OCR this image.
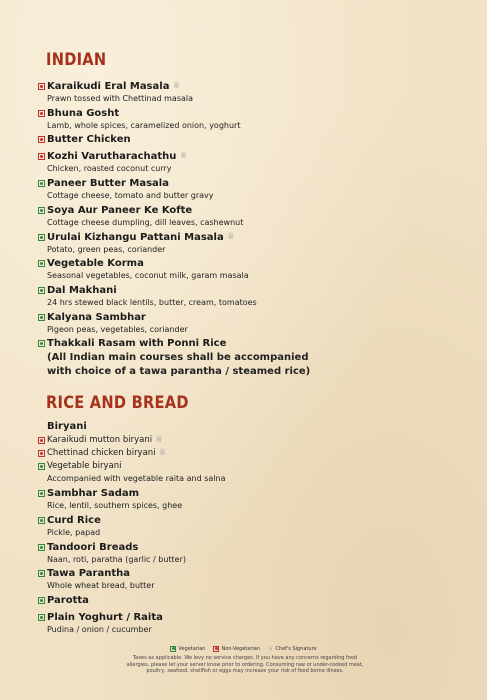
INDIAN
Karaikudi Eral Masala ♕
Prawn tossed with Chettinad masala
Bhuna Gosht
Lamb, whole spices, caramelized onion, yoghurt
Butter Chicken
Kozhi Varutharachathu ♕
Chicken, roasted coconut curry
Paneer Butter Masala
Cottage cheese, tomato and butter gravy
Soya Aur Paneer Ke Kofte
Cottage cheese dumpling, dill leaves, cashewnut
Urulai Kizhangu Pattani Masala ♕
Potato, green peas, coriander
Vegetable Korma
Seasonal vegetables, coconut milk, garam masala
Dal Makhani
24 hrs stewed black lentils, butter, cream, tomatoes
Kalyana Sambhar
Pigeon peas, vegetables, coriander
Thakkali Rasam with Ponni Rice
(All Indian main courses shall be accompanied
with choice of a tawa parantha / steamed rice)
RICE AND BREAD
Biryani
Karaikudi mutton biryani ♕
Chettinad chicken biryani ♕
Vegetable biryani
Accompanied with vegetable raita and salna
Sambhar Sadam
Rice, lentil, southern spices, ghee
Curd Rice
Pickle, papad
Tandoori Breads
Naan, roti, paratha (garlic / butter)
Tawa Parantha
Whole wheat bread, butter
Parotta
Plain Yoghurt / Raita
Pudina / onion / cucumber
Vegetarian	Non-Vegetarian ♕ Chef's Signature
Taxes as applicable. We levy no service charges. If you have any concerns regarding food
allergies, please let your server know prior to ordering. Consuming raw or under-cooked meat,
poultry, seafood, shellfish or eggs may increase your risk of food borne illness.
